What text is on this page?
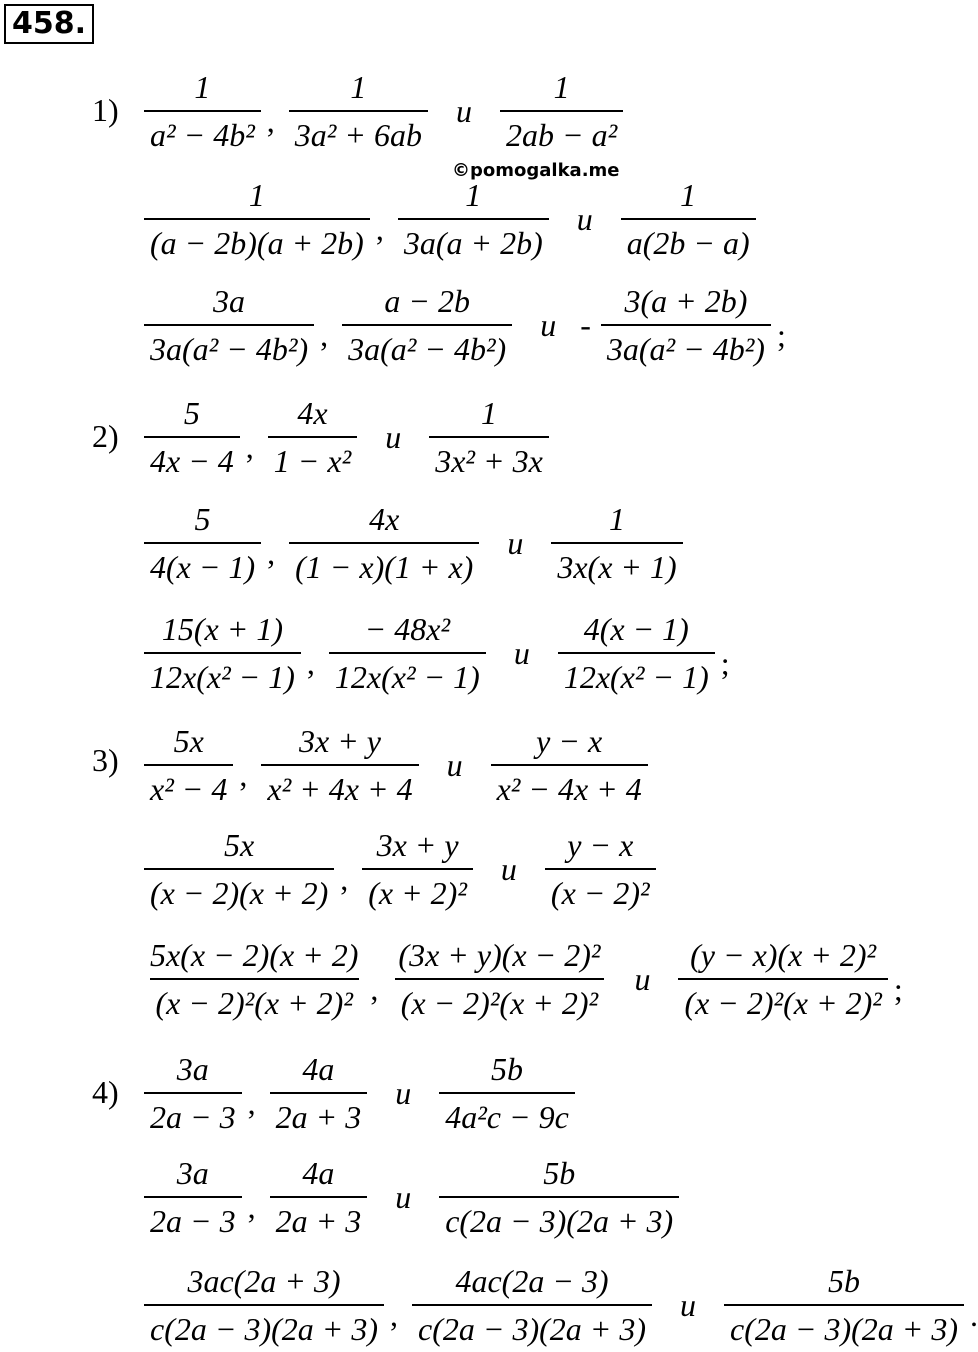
458.
©pomogalka.me
$1) \frac{1}{\text{a² − 4b²}}$ , $\frac{1}{\text{3a² + 6ab}}$ и $\frac{1}{\text{2ab − a²}}$
$\frac{1}{(a - 2b)(a + 2b)}$ , $\frac{1}{3a(a + 2b)}$ и $\frac{1}{a(2b - a)}$
$\frac{3a}{\text{3a(a² − 4b²)}}$ , $\frac{a - 2b}{\text{3a(a² − 4b²)}}$ и - $\frac{3(a + 2b)}{\text{3a(a² − 4b²)}}$ ;
$2) \frac{5}{4x - 4}$ , $\frac{4x}{\text{1 − x²}}$ и $\frac{1}{\text{3x² + 3x}}$
$\frac{5}{4(x - 1)}$ , $\frac{4x}{(1 - x)(1 + x)}$ и $\frac{1}{3x(x + 1)}$
$\frac{15(x + 1)}{\text{12x(x² − 1)}}$ , $\frac{\text{− 48x²}}{\text{12x(x² − 1)}}$ и $\frac{4(x - 1)}{\text{12x(x² − 1)}}$ ;
$3) \frac{5x}{\text{x² − 4}}$ , $\frac{3x + y}{\text{x² + 4x + 4}}$ и $\frac{y - x}{\text{x² − 4x + 4}}$
$\frac{5x}{(x - 2)(x + 2)}$ , $\frac{3x + y}{\text{(x + 2)²}}$ и $\frac{y - x}{\text{(x − 2)²}}$
$\frac{5x(x - 2)(x + 2)}{\text{(x − 2)²(x + 2)²}}$ , $\frac{\text{(3x + y)(x − 2)²}}{\text{(x − 2)²(x + 2)²}}$ и $\frac{\text{(y − x)(x + 2)²}}{\text{(x − 2)²(x + 2)²}}$ ;
$4) \frac{3a}{2a - 3}$ , $\frac{4a}{2a + 3}$ и $\frac{5b}{\text{4a²c − 9c}}$
$\frac{3a}{2a - 3}$ , $\frac{4a}{2a + 3}$ и $\frac{5b}{c(2a - 3)(2a + 3)}$
$\frac{3ac(2a + 3)}{c(2a - 3)(2a + 3)}$ , $\frac{4ac(2a - 3)}{c(2a - 3)(2a + 3)}$ и $\frac{5b}{c(2a - 3)(2a + 3)}$ .
